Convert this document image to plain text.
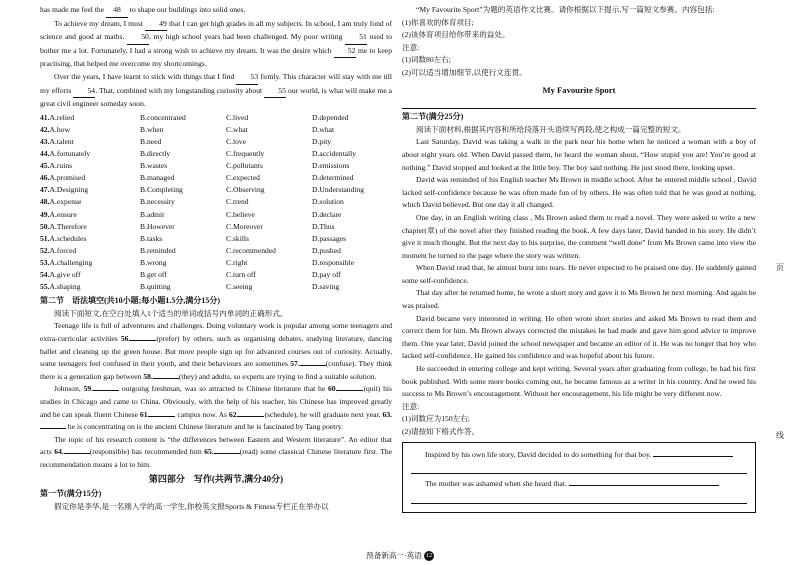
has made me feel the 48 to shape our buildings into solid ones.

To achieve my dream, I must 49 that I can get high grades in all my subjects. In school, I am truly fond of science and good at maths. 50, my high school years had been challenged. My poor writing 51 used to bother me a lot. Fortunately, I had a strong wish to achieve my dream. It was the desire which 52 me to keep practising, that helped me overcome my shortcomings.

Over the years, I have learnt to stick with things that I find 53 firmly. This character will stay with me till my efforts 54. That, combined with my longstanding curiosity about 55 our world, is what will make me a great civil engineer someday soon.

41.A.relied	B.concentrated	C.lived	D.depended
42.A.how	B.when	C.what	D.what
43.A.talent	B.need	C.love	D.pity
44.A.fortunately	B.directly	C.frequently	D.accidentally
45.A.ruins	B.wastes	C.pollutants	D.emissions
46.A.promised	B.managed	C.expected	D.determined
47.A.Designing	B.Completing	C.Observing	D.Understanding
48.A.expense	B.necessity	C.trend	D.solution
49.A.ensure	B.admit	C.believe	D.declare
50.A.Therefore	B.However	C.Moreover	D.Thus
51.A.schedules	B.tasks	C.skills	D.passages
52.A.forced	B.reminded	C.recommended	D.pushed
53.A.challenging	B.wrong	C.right	D.responsible
54.A.give off	B.get off	C.turn off	D.pay off
55.A.shaping	B.quitting	C.seeing	D.saving
第二节　语法填空(共10小题;每小题1.5分,满分15分)

阅读下面短文,在空白处填入1个适当的单词或括号内单词的正确形式。

Teenage life is full of adventures and challenges. Doing voluntary work is popular among some teenagers and extra-curricular activities 56.	(prefer) by others, such as organising debates, studying literature, dancing ballet and cleaning up the green house. But more people sign up for advanced courses out of curiosity. Actually, some teenagers feel confused in their youth, and their behaviours are sometimes 57.	(confuse). They think there is a generation gap between 58.	(they) and adults, so experts are trying to find a suitable solution.

Johnson, 59.	outgoing freshman, was so attracted to Chinese literature that he 60.	(quit) his studies in Chicago and came to China. Obviously, with the help of his teacher, his Chinese has improved greatly and he can speak fluent Chinese 61.	campus now. As 62.	(schedule), he will graduate next year. 63. he is concentrating on is the ancient Chinese literature and he is fascinated by Tang poetry.

The topic of his research content is “the differences between Eastern and Western literature”. An editor that acts 64.	(responsible) has recommended him 65.	(read) some classical Chinese literature first. The recommendation means a lot to him.

第四部分　写作(共两节,满分40分)
第一节(满分15分)

假定你是李华,是一名刚入学的高一学生,你校英文报Sports & Fitness专栏正在举办以

“My Favourite Sport”为题的英语作文比赛。请你根据以下提示,写一篇短文参赛。内容包括:

(1)你喜欢的体育项目;
(2)该体育项目给你带来的益处。
注意:
(1)词数80左右;
(2)可以适当增加细节,以使行文连贯。
My Favourite Sport
第二节(满分25分)

阅读下面材料,根据其内容和所给段落开头语续写两段,使之构成一篇完整的短文。

Last Saturday, David was taking a walk in the park near his home when he noticed a woman with a boy of about eight years old. When David passed them, he heard the woman shout, “How stupid you are! You’re good at nothing.” David stopped and looked at the little boy. The boy said nothing. He just stood there, looking upset.

David was reminded of his English teacher Ms Brown in middle school. After he entered middle school , David lacked self-confidence because he was often made fun of by others. He was often told that he was good at nothing, which David believed. But one day it all changed.

One day, in an English writing class , Ms Brown asked them to read a novel. They were asked to write a new chapter(章) of the novel after they finished reading the book. A few days later, David handed in his story. He didn’t give it much thought. But the next day to his surprise, the comment “well done” from Ms Brown came into view the moment he turned to the page where the story was written.

When David read that, he almost burst into tears. He never expected to be praised one day. He suddenly gained some self-confidence.

That day after he returned home, he wrote a short story and gave it to Ms Brown he next morning. And again he was praised.

David became very interested in writing. He often wrote short stories and asked Ms Brown to read them and correct them for him. Ms Brown always corrected the mistakes he had made and gave him good advice to improve them. One year later, David joined the school newspaper and became an editor of it. He was no longer that boy who lacked self-confidence. He gained his confidence and was hopeful about his future.

He succeeded in entering college and kept writing. Several years after graduating from college, he had his first book published. With some more books coming out, he became famous as a writer in his country. And he owed his success to Ms Brown’s encouragement. Without her encouragement, his life might be very different now.

注意:
(1)词数应为150左右;
(2)请按如下格式作答。
Inspired by his own life story, David decided to do something for that boy.
The mother was ashamed when she heard that.
页
线
预备新高一·英语 12
